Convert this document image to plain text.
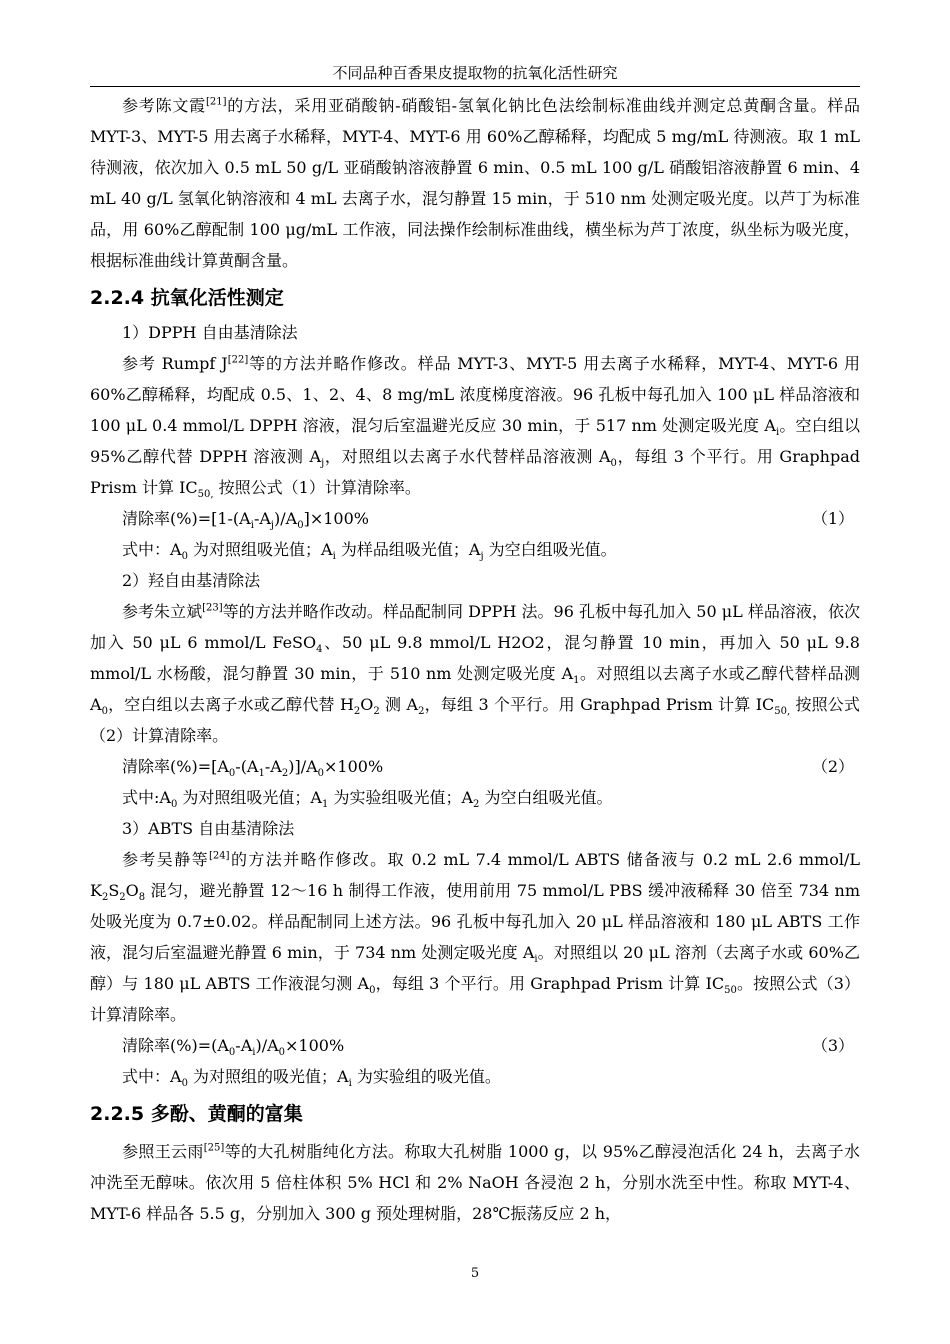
不同品种百香果皮提取物的抗氧化活性研究

参考陈文霞[21]的方法，采用亚硝酸钠-硝酸铝-氢氧化钠比色法绘制标准曲线并测定总黄酮含量。样品 MYT-3、MYT-5 用去离子水稀释，MYT-4、MYT-6 用 60%乙醇稀释，均配成 5 mg/mL 待测液。取 1 mL 待测液，依次加入 0.5 mL 50 g/L 亚硝酸钠溶液静置 6 min、0.5 mL 100 g/L 硝酸铝溶液静置 6 min、4 mL 40 g/L 氢氧化钠溶液和 4 mL 去离子水，混匀静置 15 min，于 510 nm 处测定吸光度。以芦丁为标准品，用 60%乙醇配制 100 μg/mL 工作液，同法操作绘制标准曲线，横坐标为芦丁浓度，纵坐标为吸光度，根据标准曲线计算黄酮含量。

2.2.4 抗氧化活性测定

1）DPPH 自由基清除法

参考 Rumpf J[22]等的方法并略作修改。样品 MYT-3、MYT-5 用去离子水稀释，MYT-4、MYT-6 用 60%乙醇稀释，均配成 0.5、1、2、4、8 mg/mL 浓度梯度溶液。96 孔板中每孔加入 100 μL 样品溶液和 100 μL 0.4 mmol/L DPPH 溶液，混匀后室温避光反应 30 min，于 517 nm 处测定吸光度 $A_i$。空白组以 95%乙醇代替 DPPH 溶液测 $A_j$，对照组以去离子水代替样品溶液测 $A_0$，每组 3 个平行。用 Graphpad Prism 计算 $IC_{50,}$ 按照公式（1）计算清除率。

清除率$(\%)=[1-(A_i-A_j)/A_0]\times 100\%$	（1）

式中：$A_0$ 为对照组吸光值；$A_i$ 为样品组吸光值；$A_j$ 为空白组吸光值。

2）羟自由基清除法

参考朱立斌[23]等的方法并略作改动。样品配制同 DPPH 法。96 孔板中每孔加入 50 μL 样品溶液，依次加入 50 μL 6 mmol/L FeSO$_4$、50 μL 9.8 mmol/L H2O2，混匀静置 10 min，再加入 50 μL 9.8 mmol/L 水杨酸，混匀静置 30 min，于 510 nm 处测定吸光度 $A_1$。对照组以去离子水或乙醇代替样品测 $A_0$，空白组以去离子水或乙醇代替 $H_2O_2$ 测 $A_2$，每组 3 个平行。用 Graphpad Prism 计算 $IC_{50,}$ 按照公式（2）计算清除率。

清除率$(\%)=[A_0-(A_1-A_2)]/A_0\times 100\%$	（2）

式中$:A_0$ 为对照组吸光值；$A_1$ 为实验组吸光值；$A_2$ 为空白组吸光值。

3）ABTS 自由基清除法

参考吴静等[24]的方法并略作修改。取 0.2 mL 7.4 mmol/L ABTS 储备液与 0.2 mL 2.6 mmol/L $K_2S_2O_8$ 混匀，避光静置 12～16 h 制得工作液，使用前用 75 mmol/L PBS 缓冲液稀释 30 倍至 734 nm 处吸光度为 0.7±0.02。样品配制同上述方法。96 孔板中每孔加入 20 μL 样品溶液和 180 μL ABTS 工作液，混匀后室温避光静置 6 min，于 734 nm 处测定吸光度 $A_i$。对照组以 20 μL 溶剂（去离子水或 60%乙醇）与 180 μL ABTS 工作液混匀测 $A_0$，每组 3 个平行。用 Graphpad Prism 计算 $IC_{50}$。按照公式（3）计算清除率。

清除率$(\%)=(A_0-A_i)/A_0\times 100\%$	（3）

式中：$A_0$ 为对照组的吸光值；$A_i$ 为实验组的吸光值。

2.2.5 多酚、黄酮的富集

参照王云雨[25]等的大孔树脂纯化方法。称取大孔树脂 1000 g，以 95%乙醇浸泡活化 24 h，去离子水冲洗至无醇味。依次用 5 倍柱体积 5% HCl 和 2% NaOH 各浸泡 2 h，分别水洗至中性。称取 MYT-4、MYT-6 样品各 5.5 g，分别加入 300 g 预处理树脂，28℃振荡反应 2 h，

5
